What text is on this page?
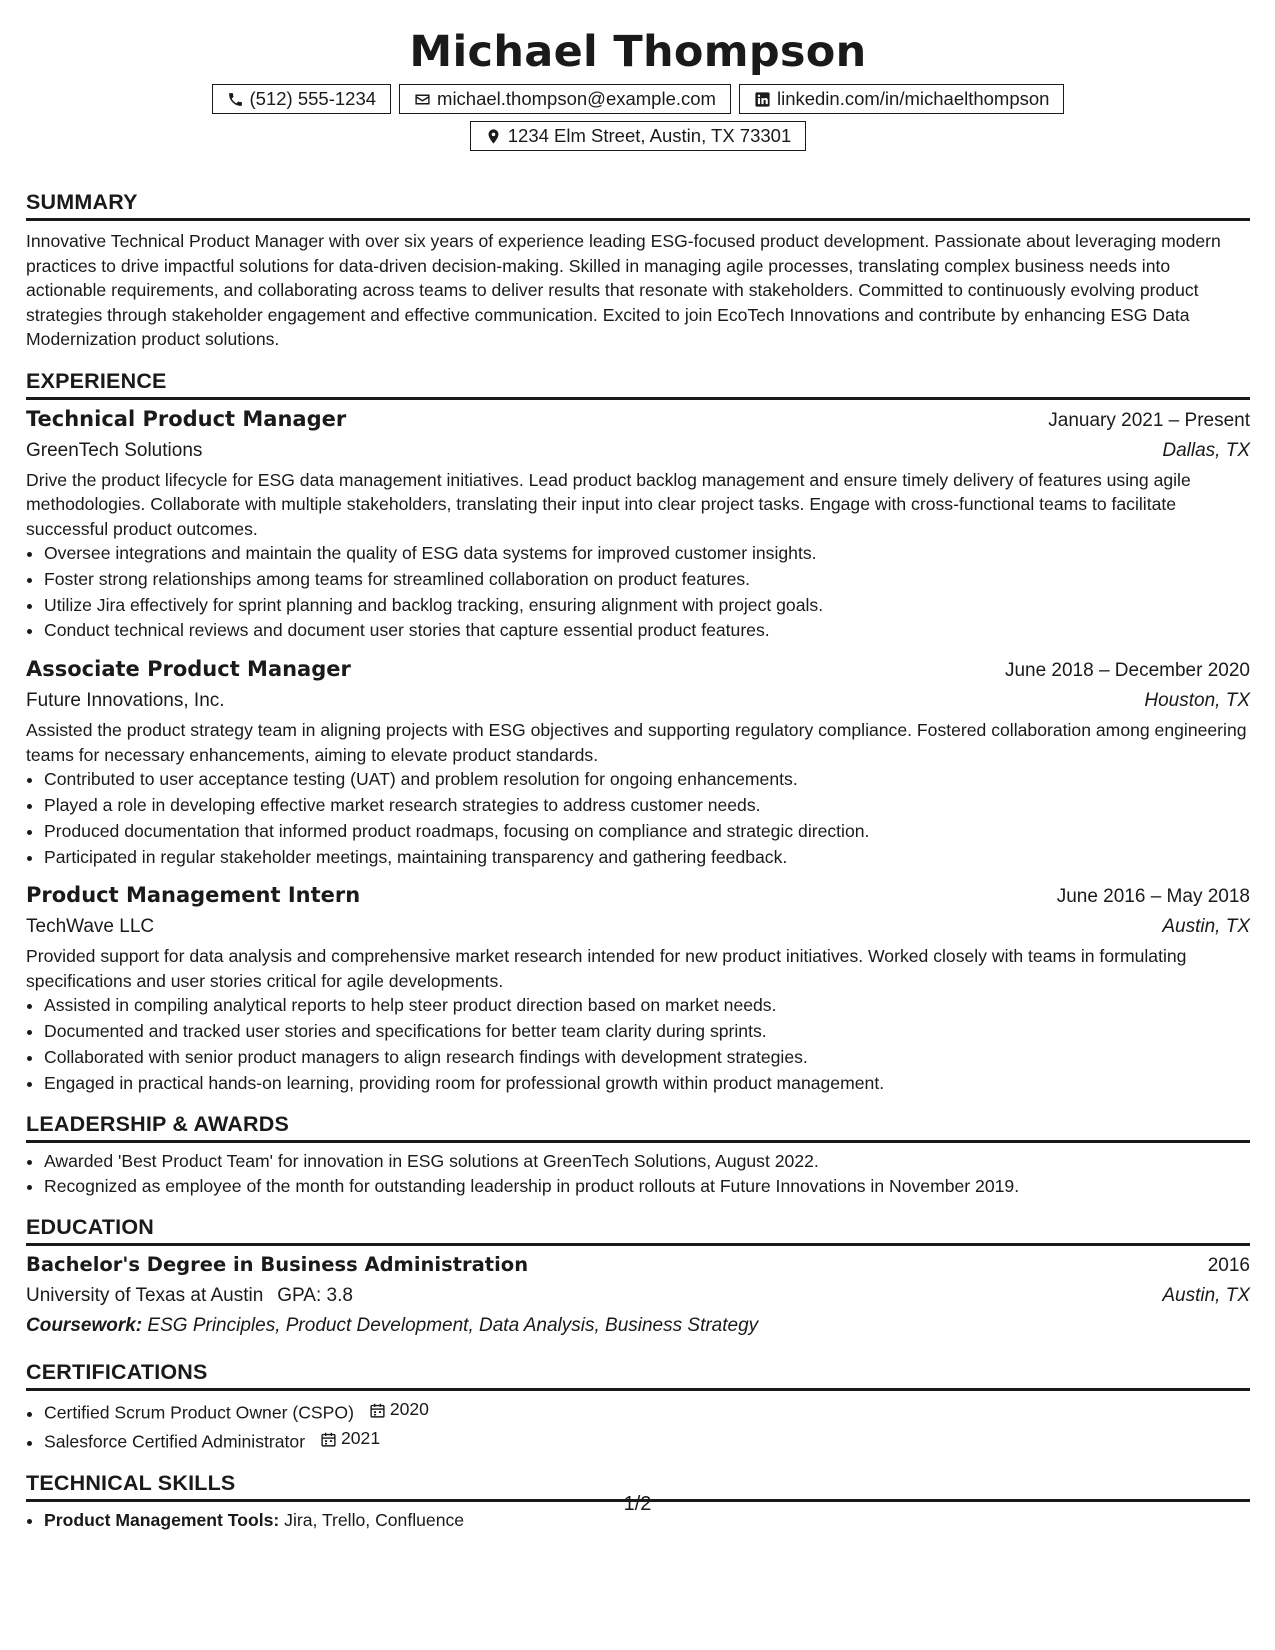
Michael Thompson
(512) 555-1234	michael.thompson@example.com	linkedin.com/in/michaelthompson
1234 Elm Street, Austin, TX 73301
SUMMARY

Innovative Technical Product Manager with over six years of experience leading ESG-focused product development. Passionate about leveraging modern practices to drive impactful solutions for data-driven decision-making. Skilled in managing agile processes, translating complex business needs into actionable requirements, and collaborating across teams to deliver results that resonate with stakeholders. Committed to continuously evolving product strategies through stakeholder engagement and effective communication. Excited to join EcoTech Innovations and contribute by enhancing ESG Data Modernization product solutions.

EXPERIENCE
Technical Product Manager	January 2021 – Present
GreenTech Solutions	Dallas, TX

Drive the product lifecycle for ESG data management initiatives. Lead product backlog management and ensure timely delivery of features using agile methodologies. Collaborate with multiple stakeholders, translating their input into clear project tasks. Engage with cross-functional teams to facilitate successful product outcomes.

• Oversee integrations and maintain the quality of ESG data systems for improved customer insights.
• Foster strong relationships among teams for streamlined collaboration on product features.
• Utilize Jira effectively for sprint planning and backlog tracking, ensuring alignment with project goals.
• Conduct technical reviews and document user stories that capture essential product features.
Associate Product Manager	June 2018 – December 2020
Future Innovations, Inc.	Houston, TX

Assisted the product strategy team in aligning projects with ESG objectives and supporting regulatory compliance. Fostered collaboration among engineering teams for necessary enhancements, aiming to elevate product standards.

• Contributed to user acceptance testing (UAT) and problem resolution for ongoing enhancements.
• Played a role in developing effective market research strategies to address customer needs.
• Produced documentation that informed product roadmaps, focusing on compliance and strategic direction.
• Participated in regular stakeholder meetings, maintaining transparency and gathering feedback.
Product Management Intern	June 2016 – May 2018
TechWave LLC	Austin, TX

Provided support for data analysis and comprehensive market research intended for new product initiatives. Worked closely with teams in formulating specifications and user stories critical for agile developments.

• Assisted in compiling analytical reports to help steer product direction based on market needs.
• Documented and tracked user stories and specifications for better team clarity during sprints.
• Collaborated with senior product managers to align research findings with development strategies.
• Engaged in practical hands-on learning, providing room for professional growth within product management.
LEADERSHIP & AWARDS
• Awarded 'Best Product Team' for innovation in ESG solutions at GreenTech Solutions, August 2022.
• Recognized as employee of the month for outstanding leadership in product rollouts at Future Innovations in November 2019.
EDUCATION
Bachelor's Degree in Business Administration	2016
University of Texas at Austin GPA: 3.8	Austin, TX
Coursework: ESG Principles, Product Development, Data Analysis, Business Strategy
CERTIFICATIONS
• Certified Scrum Product Owner (CSPO) 2020
• Salesforce Certified Administrator 2021
TECHNICAL SKILLS
• Product Management Tools: Jira, Trello, Confluence
1/2
